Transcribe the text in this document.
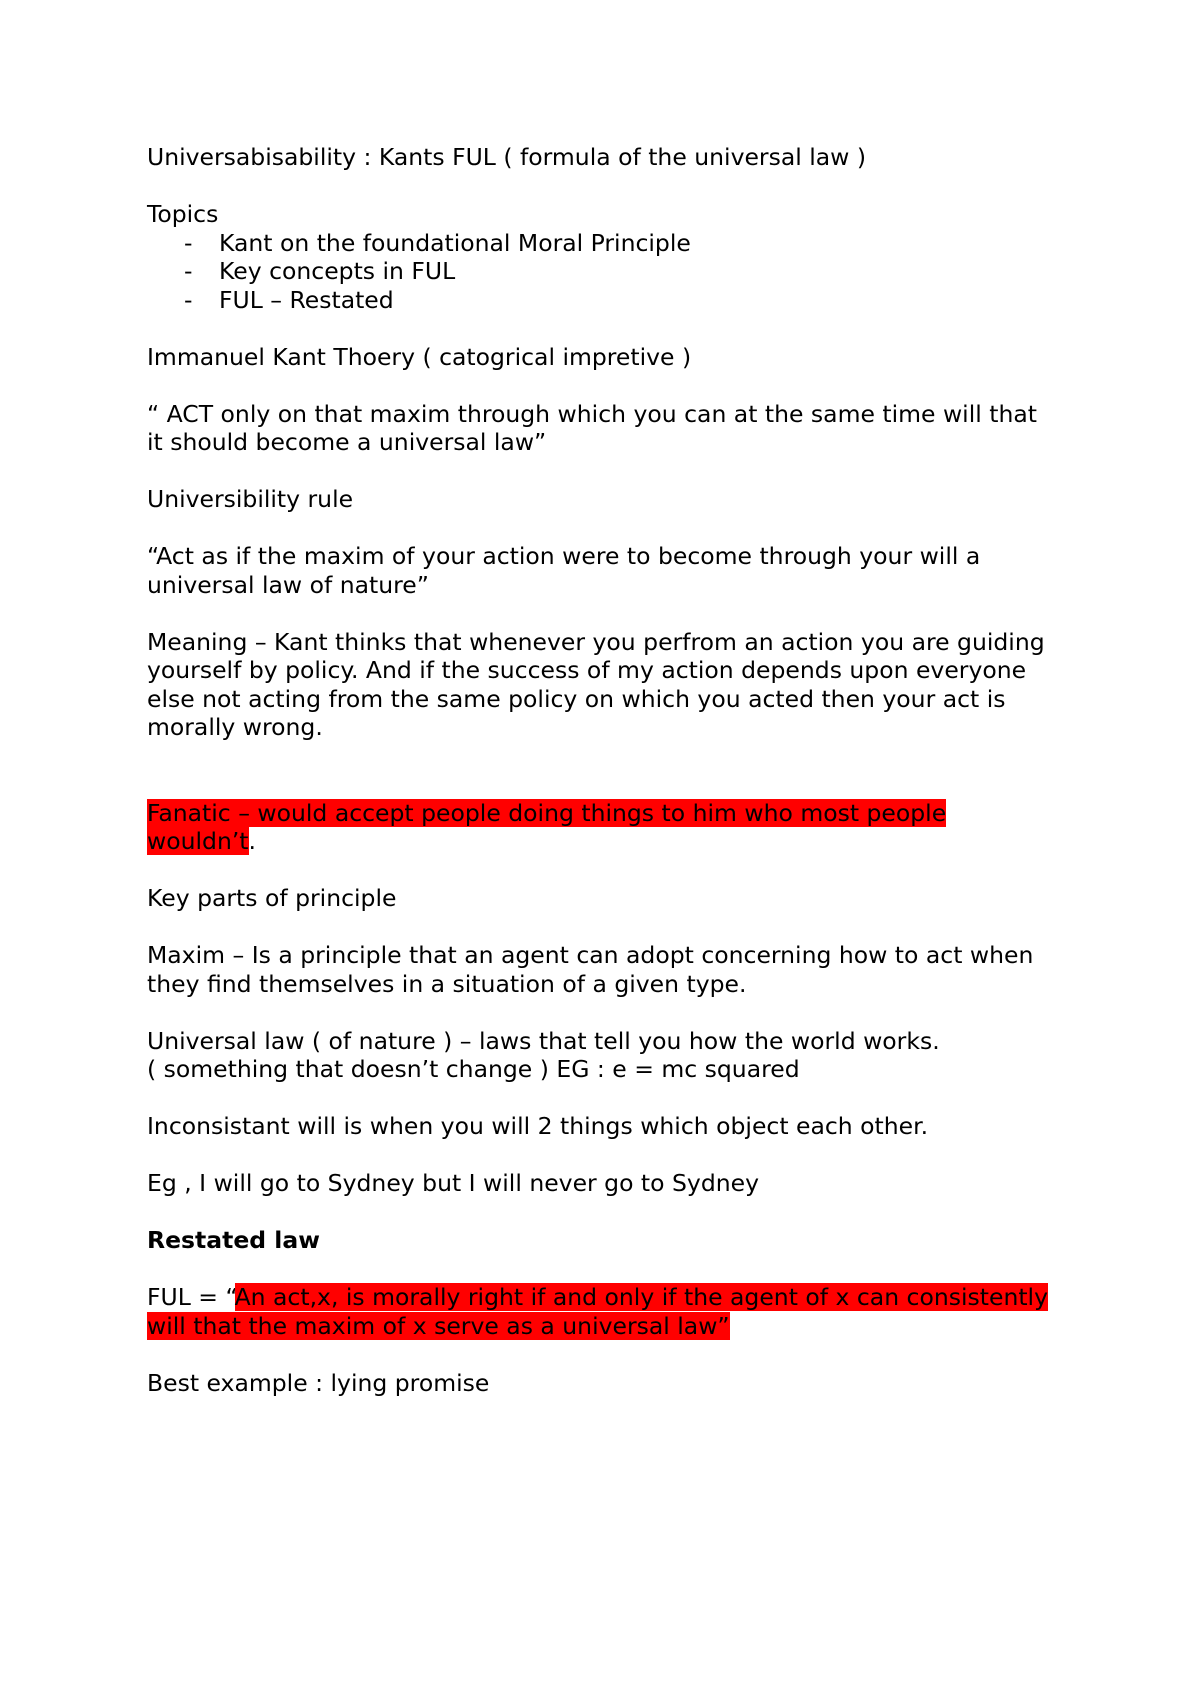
Universabisability : Kants FUL ( formula of the universal law )

Topics

- Kant on the foundational Moral Principle
- Key concepts in FUL
- FUL – Restated

Immanuel Kant Thoery ( catogrical impretive )

“ ACT only on that maxim through which you can at the same time will that it should become a universal law”

Universibility rule

“Act as if the maxim of your action were to become through your will a universal law of nature”

Meaning – Kant thinks that whenever you perfrom an action you are guiding yourself by policy. And if the success of my action depends upon everyone else not acting from the same policy on which you acted then your act is morally wrong.

Fanatic – would accept people doing things to him who most people wouldn’t.

Key parts of principle

Maxim – Is a principle that an agent can adopt concerning how to act when they find themselves in a situation of a given type.

Universal law ( of nature ) – laws that tell you how the world works.
( something that doesn’t change ) EG : e = mc squared

Inconsistant will is when you will 2 things which object each other.

Eg , I will go to Sydney but I will never go to Sydney

Restated law

FUL = “An act,x, is morally right if and only if the agent of x can consistently will that the maxim of x serve as a universal law”

Best example : lying promise
